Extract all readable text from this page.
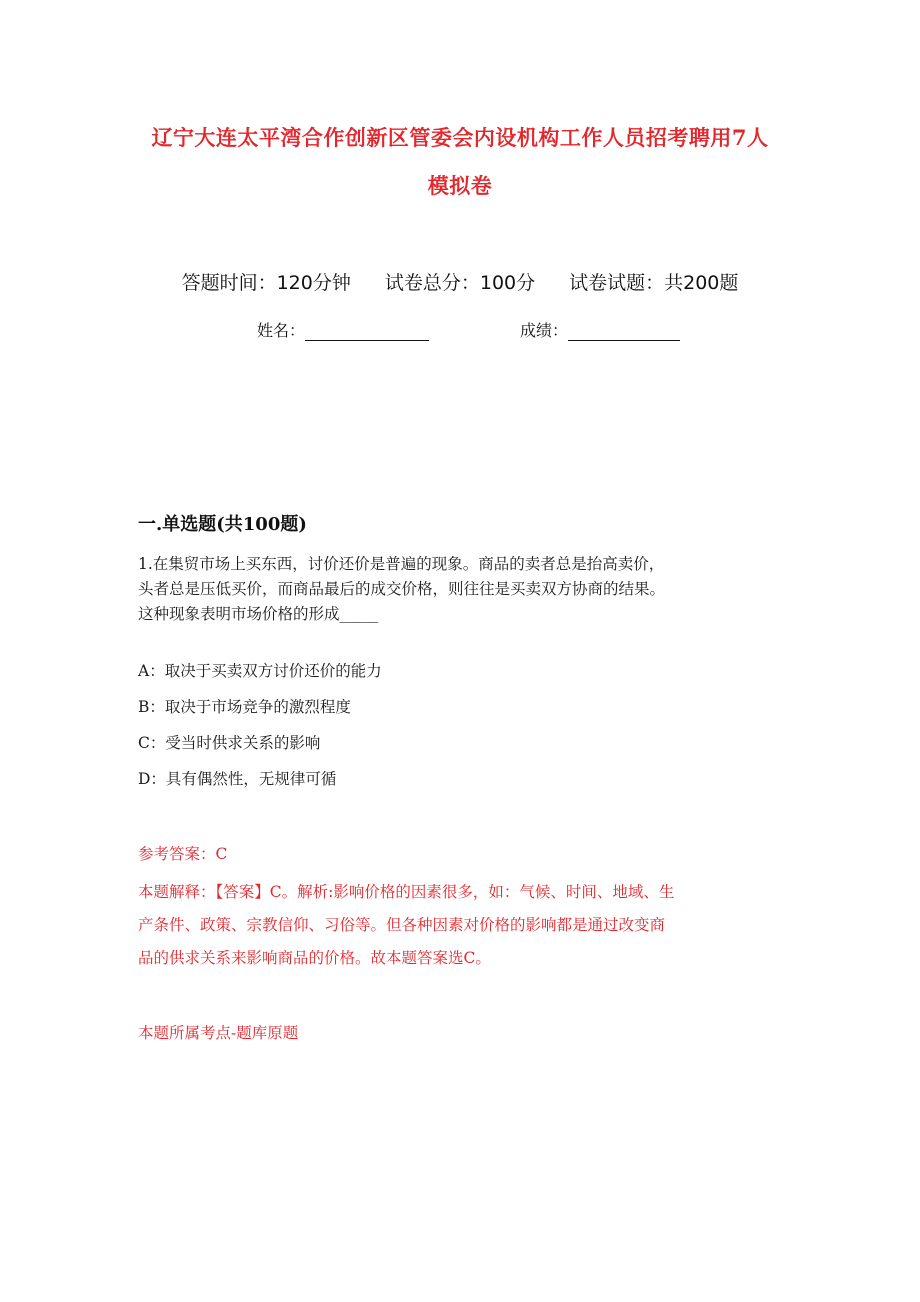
辽宁大连太平湾合作创新区管委会内设机构工作人员招考聘用7人
模拟卷
答题时间：120分钟 试卷总分：100分 试卷试题：共200题
姓名：	成绩：
一.单选题(共100题)
1.在集贸市场上买东西，讨价还价是普遍的现象。商品的卖者总是抬高卖价，
头者总是压低买价，而商品最后的成交价格，则往往是买卖双方协商的结果。
这种现象表明市场价格的形成_____
A：取决于买卖双方讨价还价的能力
B：取决于市场竞争的激烈程度
C：受当时供求关系的影响
D：具有偶然性，无规律可循
参考答案：C
本题解释：【答案】C。解析:影响价格的因素很多，如：气候、时间、地域、生
产条件、政策、宗教信仰、习俗等。但各种因素对价格的影响都是通过改变商
品的供求关系来影响商品的价格。故本题答案选C。
本题所属考点-题库原题
